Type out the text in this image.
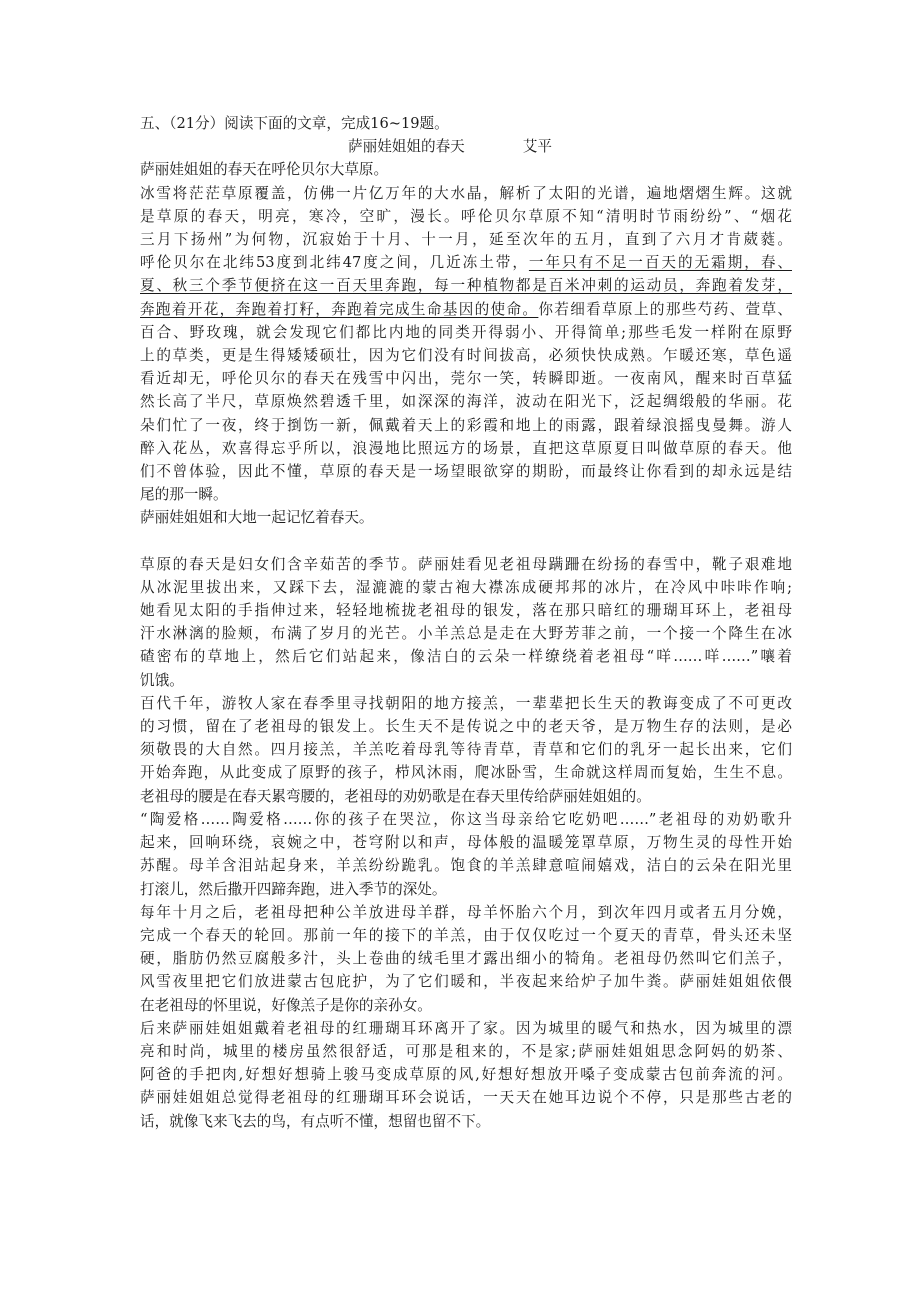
五、（21分）阅读下面的文章，完成16~19题。

萨丽娃姐姐的春天	艾平

萨丽娃姐姐的春天在呼伦贝尔大草原。

冰雪将茫茫草原覆盖，仿佛一片亿万年的大水晶，解析了太阳的光谱，遍地熠熠生辉。这就

是草原的春天，明亮，寒冷，空旷，漫长。呼伦贝尔草原不知“清明时节雨纷纷”、“烟花

三月下扬州”为何物，沉寂始于十月、十一月，延至次年的五月，直到了六月才肯葳蕤。

呼伦贝尔在北纬53度到北纬47度之间，几近冻土带，一年只有不足一百天的无霜期，春、

夏、秋三个季节便挤在这一百天里奔跑，每一种植物都是百米冲刺的运动员，奔跑着发芽，

奔跑着开花，奔跑着打籽，奔跑着完成生命基因的使命。你若细看草原上的那些芍药、萱草、

百合、野玫瑰，就会发现它们都比内地的同类开得弱小、开得简单;那些毛发一样附在原野

上的草类，更是生得矮矮硕壮，因为它们没有时间拔高，必须快快成熟。乍暖还寒，草色遥

看近却无，呼伦贝尔的春天在残雪中闪出，莞尔一笑，转瞬即逝。一夜南风，醒来时百草猛

然长高了半尺，草原焕然碧透千里，如深深的海洋，波动在阳光下，泛起绸缎般的华丽。花

朵们忙了一夜，终于捯饬一新，佩戴着天上的彩霞和地上的雨露，跟着绿浪摇曳曼舞。游人

醉入花丛，欢喜得忘乎所以，浪漫地比照远方的场景，直把这草原夏日叫做草原的春天。他

们不曾体验，因此不懂，草原的春天是一场望眼欲穿的期盼，而最终让你看到的却永远是结

尾的那一瞬。

萨丽娃姐姐和大地一起记忆着春天。

草原的春天是妇女们含辛茹苦的季节。萨丽娃看见老祖母蹒跚在纷扬的春雪中，靴子艰难地

从冰泥里拔出来，又踩下去，湿漉漉的蒙古袍大襟冻成硬邦邦的冰片，在冷风中咔咔作响;

她看见太阳的手指伸过来，轻轻地梳拢老祖母的银发，落在那只暗红的珊瑚耳环上，老祖母

汗水淋漓的脸颊，布满了岁月的光芒。小羊羔总是走在大野芳菲之前，一个接一个降生在冰

碴密布的草地上，然后它们站起来，像洁白的云朵一样缭绕着老祖母“咩……咩……”嚷着

饥饿。

百代千年，游牧人家在春季里寻找朝阳的地方接羔，一辈辈把长生天的教诲变成了不可更改

的习惯，留在了老祖母的银发上。长生天不是传说之中的老天爷，是万物生存的法则，是必

须敬畏的大自然。四月接羔，羊羔吃着母乳等待青草，青草和它们的乳牙一起长出来，它们

开始奔跑，从此变成了原野的孩子，栉风沐雨，爬冰卧雪，生命就这样周而复始，生生不息。

老祖母的腰是在春天累弯腰的，老祖母的劝奶歌是在春天里传给萨丽娃姐姐的。

“陶爱格……陶爱格……你的孩子在哭泣，你这当母亲给它吃奶吧……”老祖母的劝奶歌升

起来，回响环绕，哀婉之中，苍穹附以和声，母体般的温暖笼罩草原，万物生灵的母性开始

苏醒。母羊含泪站起身来，羊羔纷纷跪乳。饱食的羊羔肆意喧闹嬉戏，洁白的云朵在阳光里

打滚儿，然后撒开四蹄奔跑，进入季节的深处。

每年十月之后，老祖母把种公羊放进母羊群，母羊怀胎六个月，到次年四月或者五月分娩，

完成一个春天的轮回。那前一年的接下的羊羔，由于仅仅吃过一个夏天的青草，骨头还未坚

硬，脂肪仍然豆腐般多汁，头上卷曲的绒毛里才露出细小的犄角。老祖母仍然叫它们羔子，

风雪夜里把它们放进蒙古包庇护，为了它们暖和，半夜起来给炉子加牛粪。萨丽娃姐姐依偎

在老祖母的怀里说，好像羔子是你的亲孙女。

后来萨丽娃姐姐戴着老祖母的红珊瑚耳环离开了家。因为城里的暖气和热水，因为城里的漂

亮和时尚，城里的楼房虽然很舒适，可那是租来的，不是家;萨丽娃姐姐思念阿妈的奶茶、

阿爸的手把肉,好想好想骑上骏马变成草原的风,好想好想放开嗓子变成蒙古包前奔流的河。

萨丽娃姐姐总觉得老祖母的红珊瑚耳环会说话，一天天在她耳边说个不停，只是那些古老的

话，就像飞来飞去的鸟，有点听不懂，想留也留不下。
